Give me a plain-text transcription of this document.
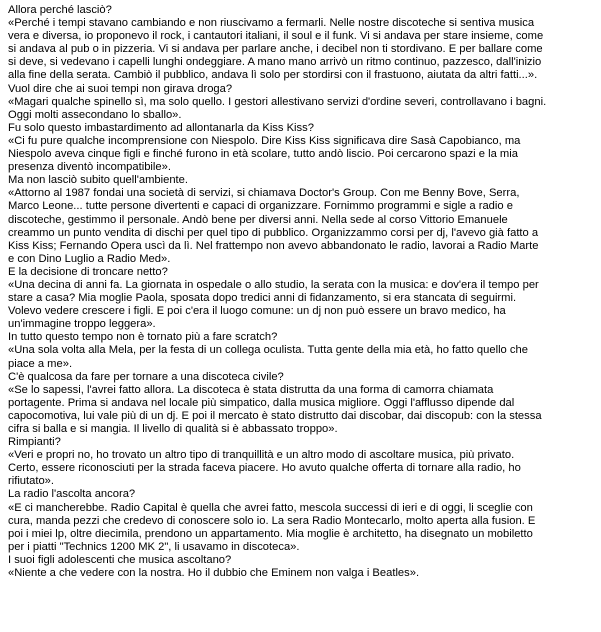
Allora perché lasciò?
«Perché i tempi stavano cambiando e non riuscivamo a fermarli. Nelle nostre discoteche si sentiva musica
vera e diversa, io proponevo il rock, i cantautori italiani, il soul e il funk. Vi si andava per stare insieme, come
si andava al pub o in pizzeria. Vi si andava per parlare anche, i decibel non ti stordivano. E per ballare come
si deve, si vedevano i capelli lunghi ondeggiare. A mano mano arrivò un ritmo continuo, pazzesco, dall'inizio
alla fine della serata. Cambiò il pubblico, andava lì solo per stordirsi con il frastuono, aiutata da altri fatti...».
Vuol dire che ai suoi tempi non girava droga?
«Magari qualche spinello sì, ma solo quello. I gestori allestivano servizi d'ordine severi, controllavano i bagni.
Oggi molti assecondano lo sballo».
Fu solo questo imbastardimento ad allontanarla da Kiss Kiss?
«Ci fu pure qualche incomprensione con Niespolo. Dire Kiss Kiss significava dire Sasà Capobianco, ma
Niespolo aveva cinque figli e finché furono in età scolare, tutto andò liscio. Poi cercarono spazi e la mia
presenza diventò incompatibile».
Ma non lasciò subito quell'ambiente.
«Attorno al 1987 fondai una società di servizi, si chiamava Doctor's Group. Con me Benny Bove, Serra,
Marco Leone... tutte persone divertenti e capaci di organizzare. Fornimmo programmi e sigle a radio e
discoteche, gestimmo il personale. Andò bene per diversi anni. Nella sede al corso Vittorio Emanuele
creammo un punto vendita di dischi per quel tipo di pubblico. Organizzammo corsi per dj, l'avevo già fatto a
Kiss Kiss; Fernando Opera uscì da lì. Nel frattempo non avevo abbandonato le radio, lavorai a Radio Marte
e con Dino Luglio a Radio Med».
E la decisione di troncare netto?
«Una decina di anni fa. La giornata in ospedale o allo studio, la serata con la musica: e dov'era il tempo per
stare a casa? Mia moglie Paola, sposata dopo tredici anni di fidanzamento, si era stancata di seguirmi.
Volevo vedere crescere i figli. E poi c'era il luogo comune: un dj non può essere un bravo medico, ha
un'immagine troppo leggera».
In tutto questo tempo non è tornato più a fare scratch?
«Una sola volta alla Mela, per la festa di un collega oculista. Tutta gente della mia età, ho fatto quello che
piace a me».
C'è qualcosa da fare per tornare a una discoteca civile?
«Se lo sapessi, l'avrei fatto allora. La discoteca è stata distrutta da una forma di camorra chiamata
portagente. Prima si andava nel locale più simpatico, dalla musica migliore. Oggi l'afflusso dipende dal
capocomotiva, lui vale più di un dj. E poi il mercato è stato distrutto dai discobar, dai discopub: con la stessa
cifra si balla e si mangia. Il livello di qualità si è abbassato troppo».
Rimpianti?
«Veri e propri no, ho trovato un altro tipo di tranquillità e un altro modo di ascoltare musica, più privato.
Certo, essere riconosciuti per la strada faceva piacere. Ho avuto qualche offerta di tornare alla radio, ho
rifiutato».
La radio l'ascolta ancora?
«E ci mancherebbe. Radio Capital è quella che avrei fatto, mescola successi di ieri e di oggi, li sceglie con
cura, manda pezzi che credevo di conoscere solo io. La sera Radio Montecarlo, molto aperta alla fusion. E
poi i miei lp, oltre diecimila, prendono un appartamento. Mia moglie è architetto, ha disegnato un mobiletto
per i piatti "Technics 1200 MK 2", li usavamo in discoteca».
I suoi figli adolescenti che musica ascoltano?
«Niente a che vedere con la nostra. Ho il dubbio che Eminem non valga i Beatles».
